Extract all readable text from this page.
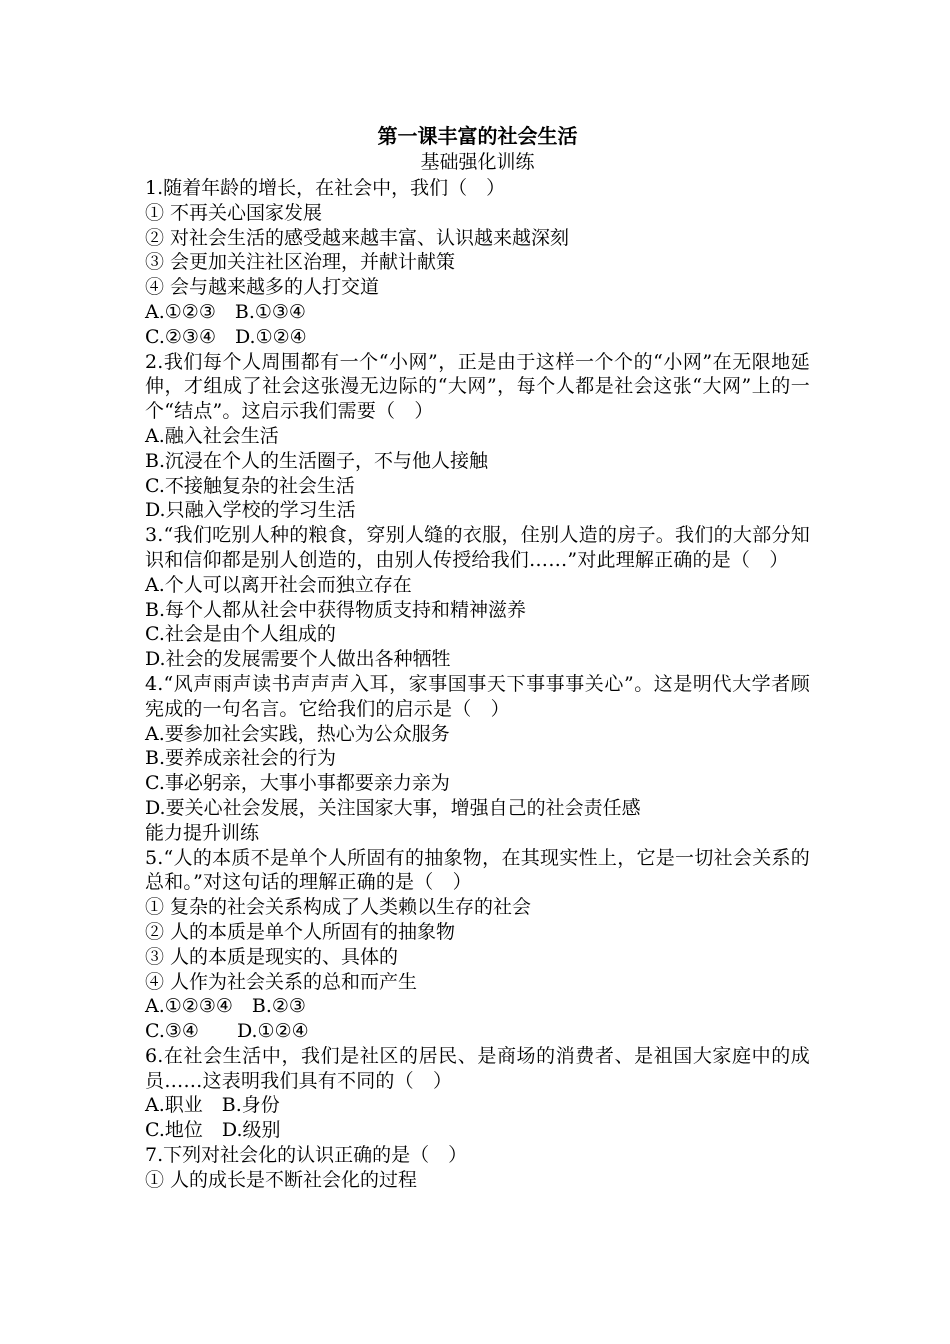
第一课丰富的社会生活

基础强化训练

1.随着年龄的增长，在社会中，我们（　）

① 不再关心国家发展

② 对社会生活的感受越来越丰富、认识越来越深刻

③ 会更加关注社区治理，并献计献策

④ 会与越来越多的人打交道

A.①②③　B.①③④

C.②③④　D.①②④

2.我们每个人周围都有一个“小网”，正是由于这样一个个的“小网”在无限地延伸，才组成了社会这张漫无边际的“大网”，每个人都是社会这张“大网”上的一个“结点”。这启示我们需要（　）

A.融入社会生活

B.沉浸在个人的生活圈子，不与他人接触

C.不接触复杂的社会生活

D.只融入学校的学习生活

3.“我们吃别人种的粮食，穿别人缝的衣服，住别人造的房子。我们的大部分知识和信仰都是别人创造的，由别人传授给我们……”对此理解正确的是（　）

A.个人可以离开社会而独立存在

B.每个人都从社会中获得物质支持和精神滋养

C.社会是由个人组成的

D.社会的发展需要个人做出各种牺牲

4.“风声雨声读书声声声入耳，家事国事天下事事事关心”。这是明代大学者顾宪成的一句名言。它给我们的启示是（　）

A.要参加社会实践，热心为公众服务

B.要养成亲社会的行为

C.事必躬亲，大事小事都要亲力亲为

D.要关心社会发展，关注国家大事，增强自己的社会责任感

能力提升训练

5.“人的本质不是单个人所固有的抽象物，在其现实性上，它是一切社会关系的总和。”对这句话的理解正确的是（　）

① 复杂的社会关系构成了人类赖以生存的社会

② 人的本质是单个人所固有的抽象物

③ 人的本质是现实的、具体的

④ 人作为社会关系的总和而产生

A.①②③④　B.②③

C.③④　　D.①②④

6.在社会生活中，我们是社区的居民、是商场的消费者、是祖国大家庭中的成员……这表明我们具有不同的（　）

A.职业　B.身份

C.地位　D.级别

7.下列对社会化的认识正确的是（　）

① 人的成长是不断社会化的过程
